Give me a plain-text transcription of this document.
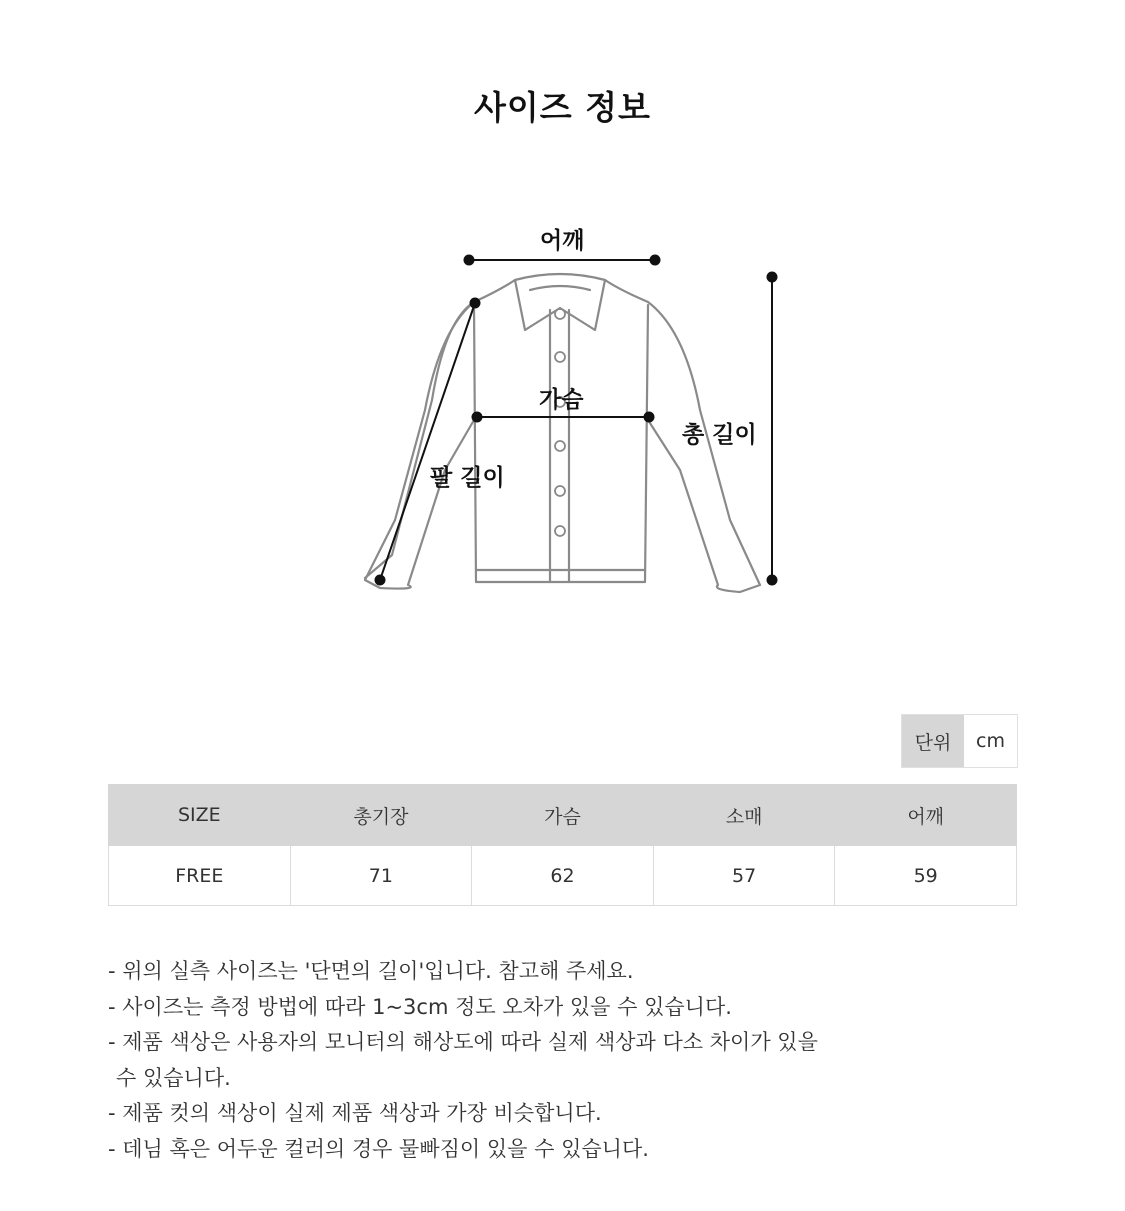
사이즈 정보
어깨
가슴
총 길이
팔 길이
단위	cm
SIZE	총기장	가슴	소매	어깨
FREE	71	62	57	59
- 위의 실측 사이즈는 '단면의 길이'입니다. 참고해 주세요.
- 사이즈는 측정 방법에 따라 1~3cm 정도 오차가 있을 수 있습니다.
- 제품 색상은 사용자의 모니터의 해상도에 따라 실제 색상과 다소 차이가 있을
수 있습니다.
- 제품 컷의 색상이 실제 제품 색상과 가장 비슷합니다.
- 데님 혹은 어두운 컬러의 경우 물빠짐이 있을 수 있습니다.
